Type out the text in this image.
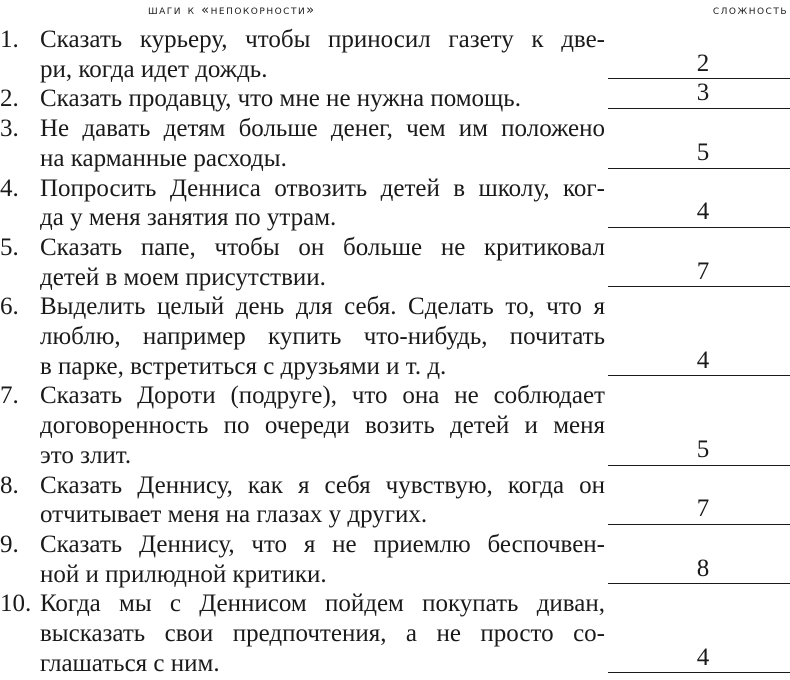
шаги к «непокорности»	сложность
1. Сказать курьеру, чтобы приносил газету к две-
ри, когда идет дождь.	2
2. Сказать продавцу, что мне не нужна помощь.	3
3. Не давать детям больше денег, чем им положено
на карманные расходы.	5
4. Попросить Денниса отвозить детей в школу, ког-
да у меня занятия по утрам.	4
5. Сказать папе, чтобы он больше не критиковал
детей в моем присутствии.	7
6. Выделить целый день для себя. Сделать то, что я
люблю, например купить что-нибудь, почитать
в парке, встретиться с друзьями и т. д.	4
7. Сказать Дороти (подруге), что она не соблюдает
договоренность по очереди возить детей и меня
это злит.	5
8. Сказать Деннису, как я себя чувствую, когда он
отчитывает меня на глазах у других.	7
9. Сказать Деннису, что я не приемлю беспочвен-
ной и прилюдной критики.	8
10. Когда мы с Деннисом пойдем покупать диван,
высказать свои предпочтения, а не просто со-
глашаться с ним.	4
